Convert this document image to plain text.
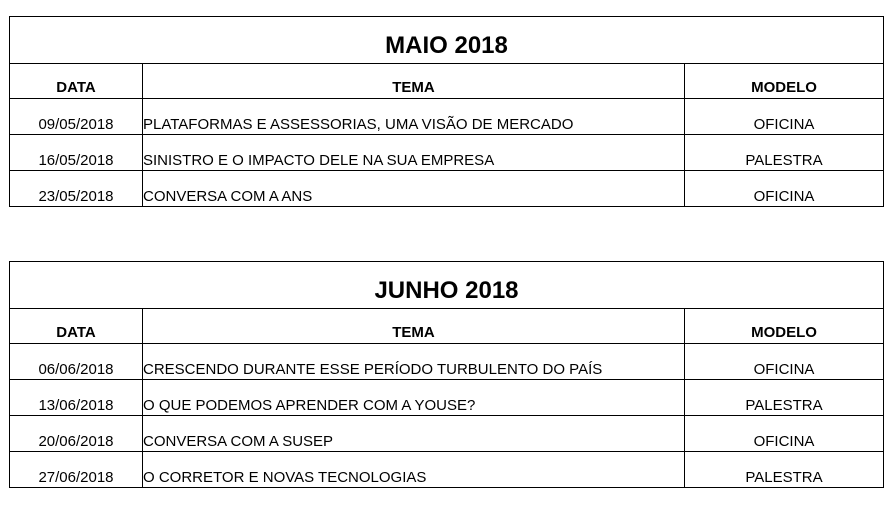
MAIO 2018		
DATA	TEMA	MODELO
09/05/2018	PLATAFORMAS E ASSESSORIAS, UMA VISÃO DE MERCADO	OFICINA
16/05/2018	SINISTRO E O IMPACTO DELE NA SUA EMPRESA	PALESTRA
23/05/2018	CONVERSA COM A ANS	OFICINA
JUNHO 2018		
DATA	TEMA	MODELO
06/06/2018	CRESCENDO DURANTE ESSE PERÍODO TURBULENTO DO PAÍS	OFICINA
13/06/2018	O QUE PODEMOS APRENDER COM A YOUSE?	PALESTRA
20/06/2018	CONVERSA COM A SUSEP	OFICINA
27/06/2018	O CORRETOR E NOVAS TECNOLOGIAS	PALESTRA
